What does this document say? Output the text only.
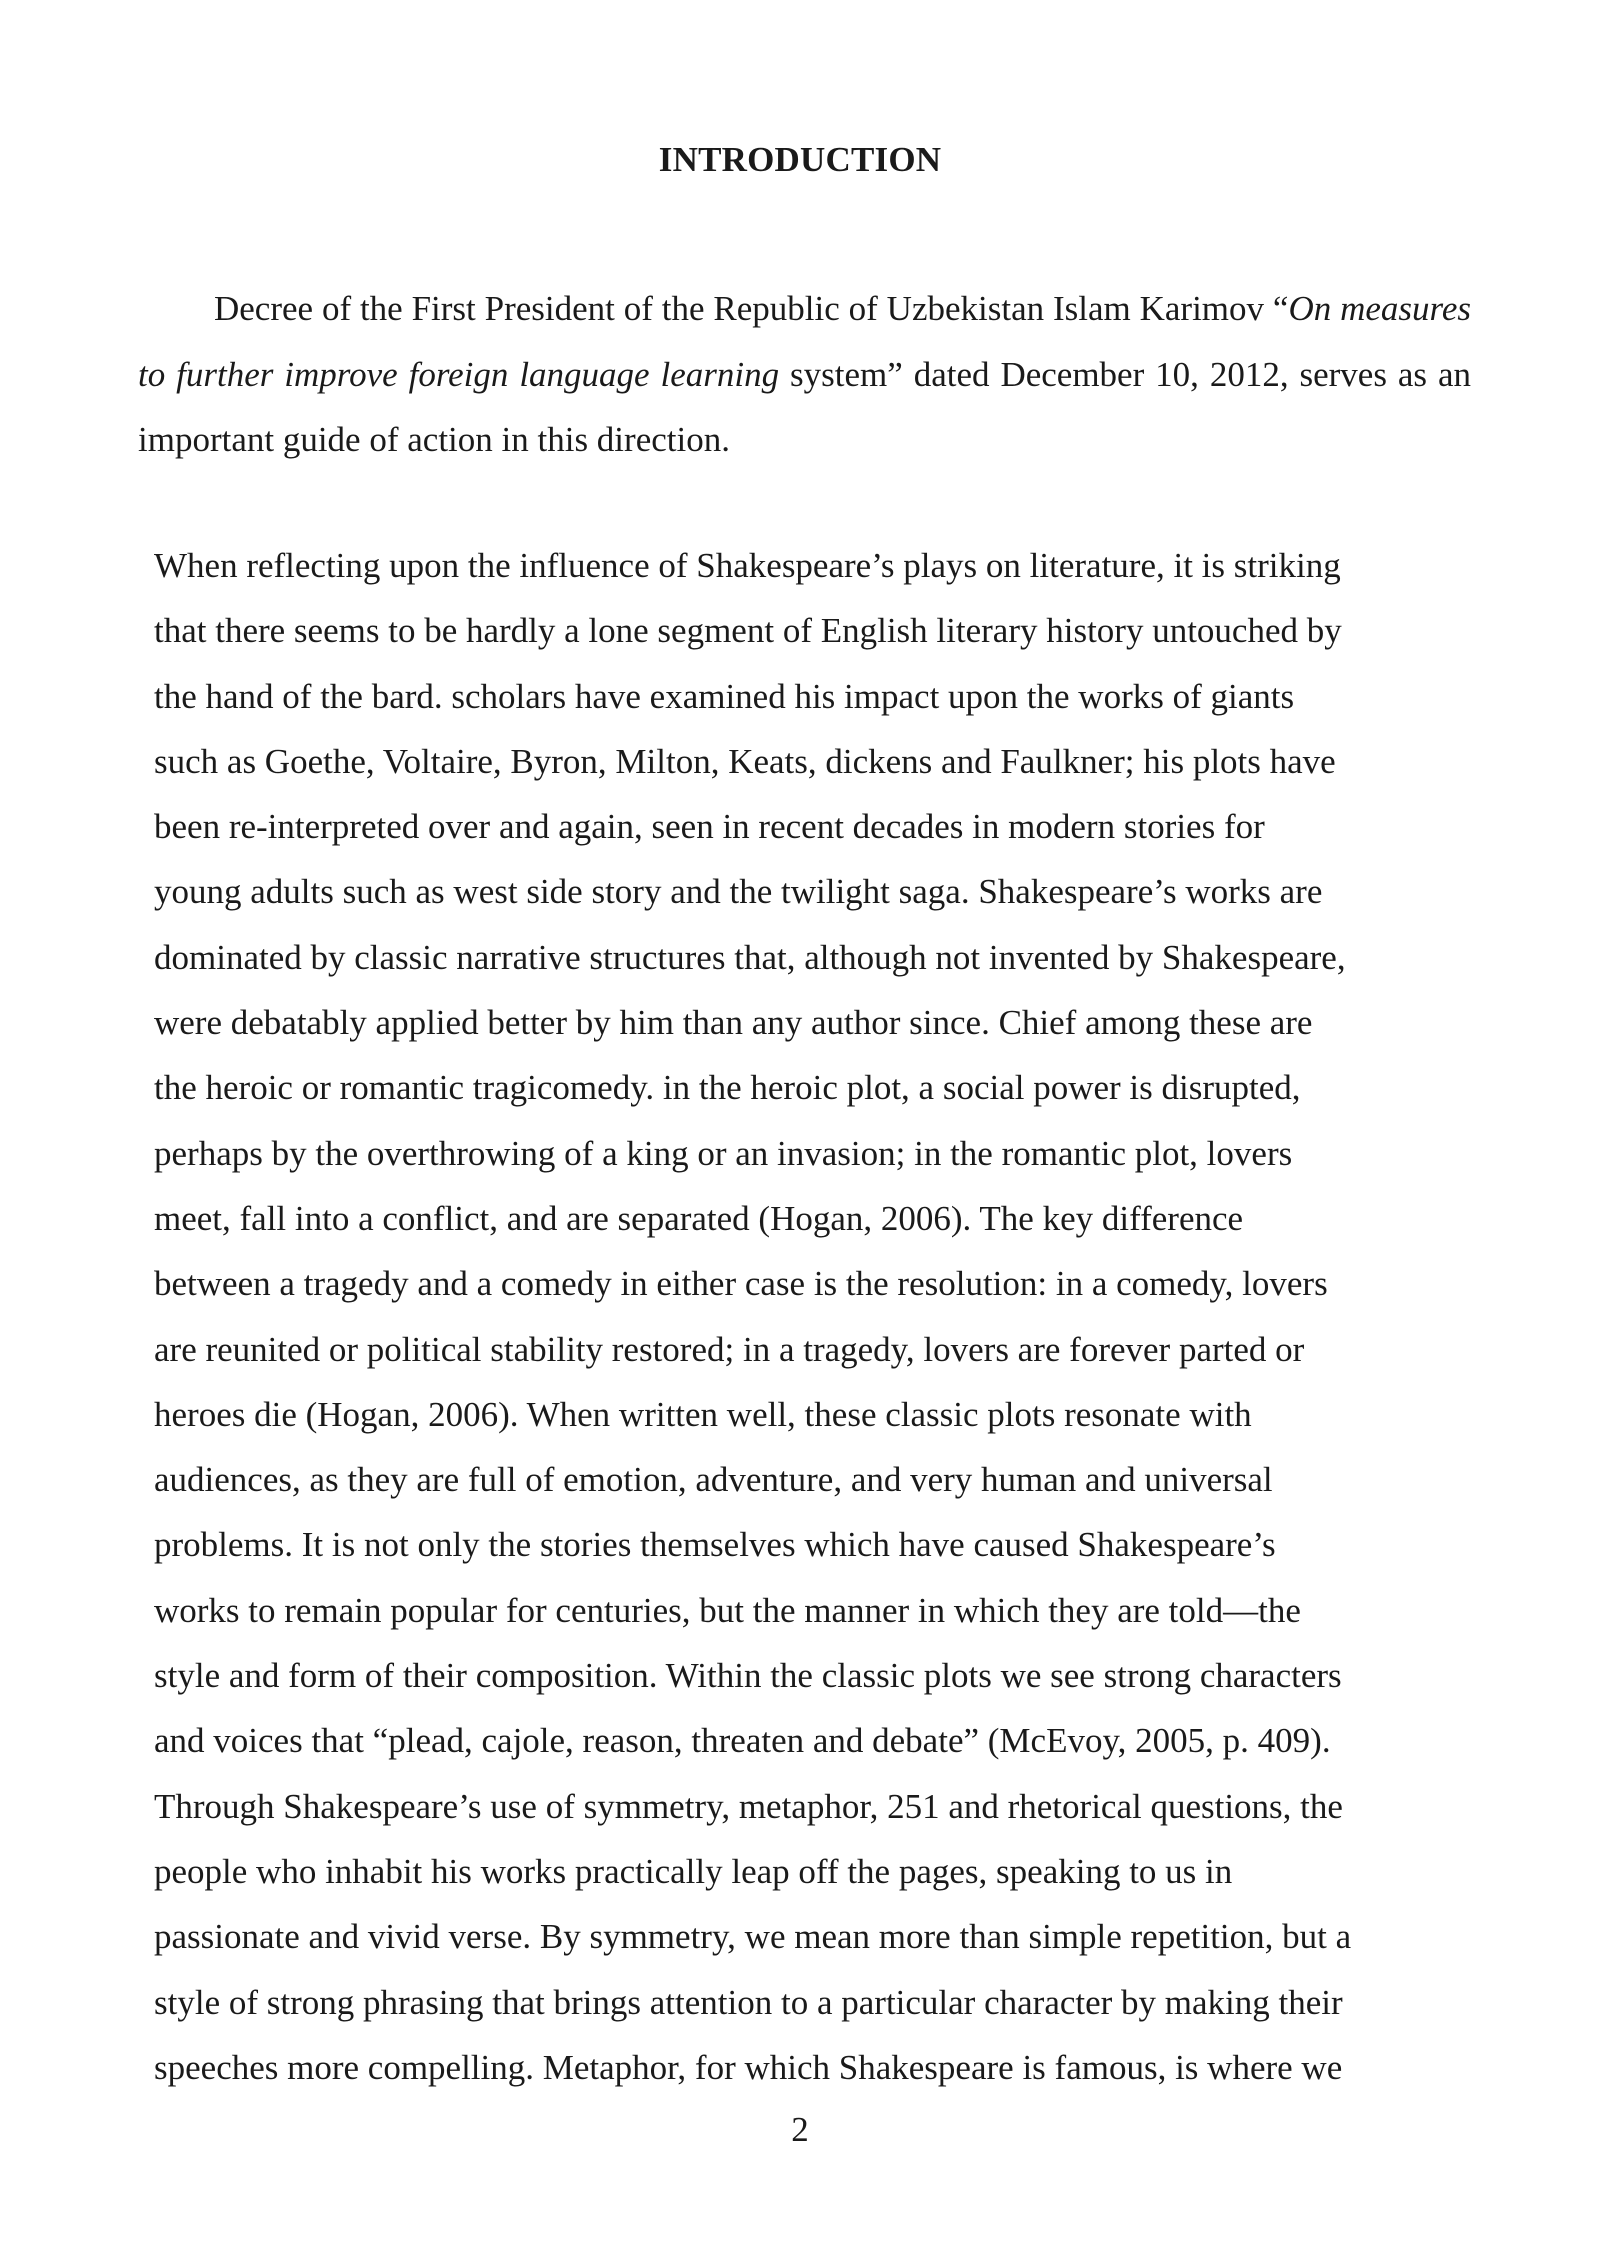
INTRODUCTION
Decree of the First President of the Republic of Uzbekistan Islam Karimov “On measures to further improve foreign language learning system” dated December 10, 2012, serves as an important guide of action in this direction.
When reflecting upon the influence of Shakespeare’s plays on literature, it is striking
that there seems to be hardly a lone segment of English literary history untouched by
the hand of the bard. scholars have examined his impact upon the works of giants
such as Goethe, Voltaire, Byron, Milton, Keats, dickens and Faulkner; his plots have
been re-interpreted over and again, seen in recent decades in modern stories for
young adults such as west side story and the twilight saga. Shakespeare’s works are
dominated by classic narrative structures that, although not invented by Shakespeare,
were debatably applied better by him than any author since. Chief among these are
the heroic or romantic tragicomedy. in the heroic plot, a social power is disrupted,
perhaps by the overthrowing of a king or an invasion; in the romantic plot, lovers
meet, fall into a conflict, and are separated (Hogan, 2006). The key difference
between a tragedy and a comedy in either case is the resolution: in a comedy, lovers
are reunited or political stability restored; in a tragedy, lovers are forever parted or
heroes die (Hogan, 2006). When written well, these classic plots resonate with
audiences, as they are full of emotion, adventure, and very human and universal
problems. It is not only the stories themselves which have caused Shakespeare’s
works to remain popular for centuries, but the manner in which they are told—the
style and form of their composition. Within the classic plots we see strong characters
and voices that “plead, cajole, reason, threaten and debate” (McEvoy, 2005, p. 409).
Through Shakespeare’s use of symmetry, metaphor, 251 and rhetorical questions, the
people who inhabit his works practically leap off the pages, speaking to us in
passionate and vivid verse. By symmetry, we mean more than simple repetition, but a
style of strong phrasing that brings attention to a particular character by making their
speeches more compelling. Metaphor, for which Shakespeare is famous, is where we
2
